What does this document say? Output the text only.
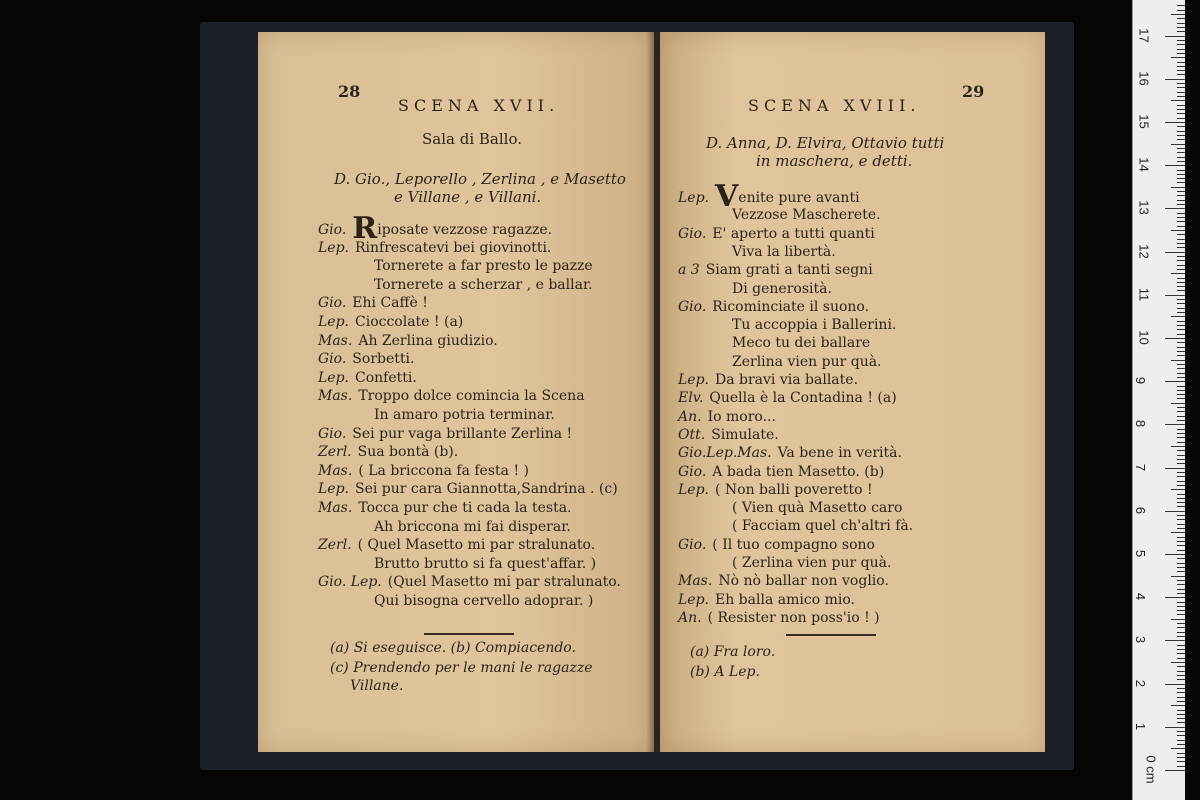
28
SCENA XVII.
Sala di Ballo.
D. Gio., Leporello , Zerlina , e Masetto
e Villane , e Villani.
Gio. Riposate vezzose ragazze.
Lep. Rinfrescatevi bei giovinotti.
Tornerete a far presto le pazze
Tornerete a scherzar , e ballar.
Gio. Ehi Caffè !
Lep. Cioccolate ! (a)
Mas. Ah Zerlina giudizio.
Gio. Sorbetti.
Lep. Confetti.
Mas. Troppo dolce comincia la Scena
In amaro potria terminar.
Gio. Sei pur vaga brillante Zerlina !
Zerl. Sua bontà (b).
Mas. ( La briccona fa festa ! )
Lep. Sei pur cara Giannotta,Sandrina . (c)
Mas. Tocca pur che ti cada la testa.
Ah briccona mi fai disperar.
Zerl. ( Quel Masetto mi par stralunato.
Brutto brutto si fa quest'affar. )
Gio. Lep. (Quel Masetto mi par stralunato.
Qui bisogna cervello adoprar. )
(a) Si eseguisce. (b) Compiacendo.
(c) Prendendo per le mani le ragazze
Villane.
29
SCENA XVIII.
D. Anna, D. Elvira, Ottavio tutti
in maschera, e detti.
Lep. Venite pure avanti
Vezzose Mascherete.
Gio. E' aperto a tutti quanti
Viva la libertà.
a 3 Siam grati a tanti segni
Di generosità.
Gio. Ricominciate il suono.
Tu accoppia i Ballerini.
Meco tu dei ballare
Zerlina vien pur quà.
Lep. Da bravi via ballate.
Elv. Quella è la Contadina ! (a)
An. Io moro...
Ott. Simulate.
Gio.Lep.Mas. Va bene in verità.
Gio. A bada tien Masetto. (b)
Lep. ( Non balli poveretto !
( Vien quà Masetto caro
( Facciam quel ch'altri fà.
Gio. ( Il tuo compagno sono
( Zerlina vien pur quà.
Mas. Nò nò ballar non voglio.
Lep. Eh balla amico mio.
An. ( Resister non poss'io ! )
(a) Fra loro.
(b) A Lep.
0 cm
1
2
3
4
5
6
7
8
9
10
11
12
13
14
15
16
17
